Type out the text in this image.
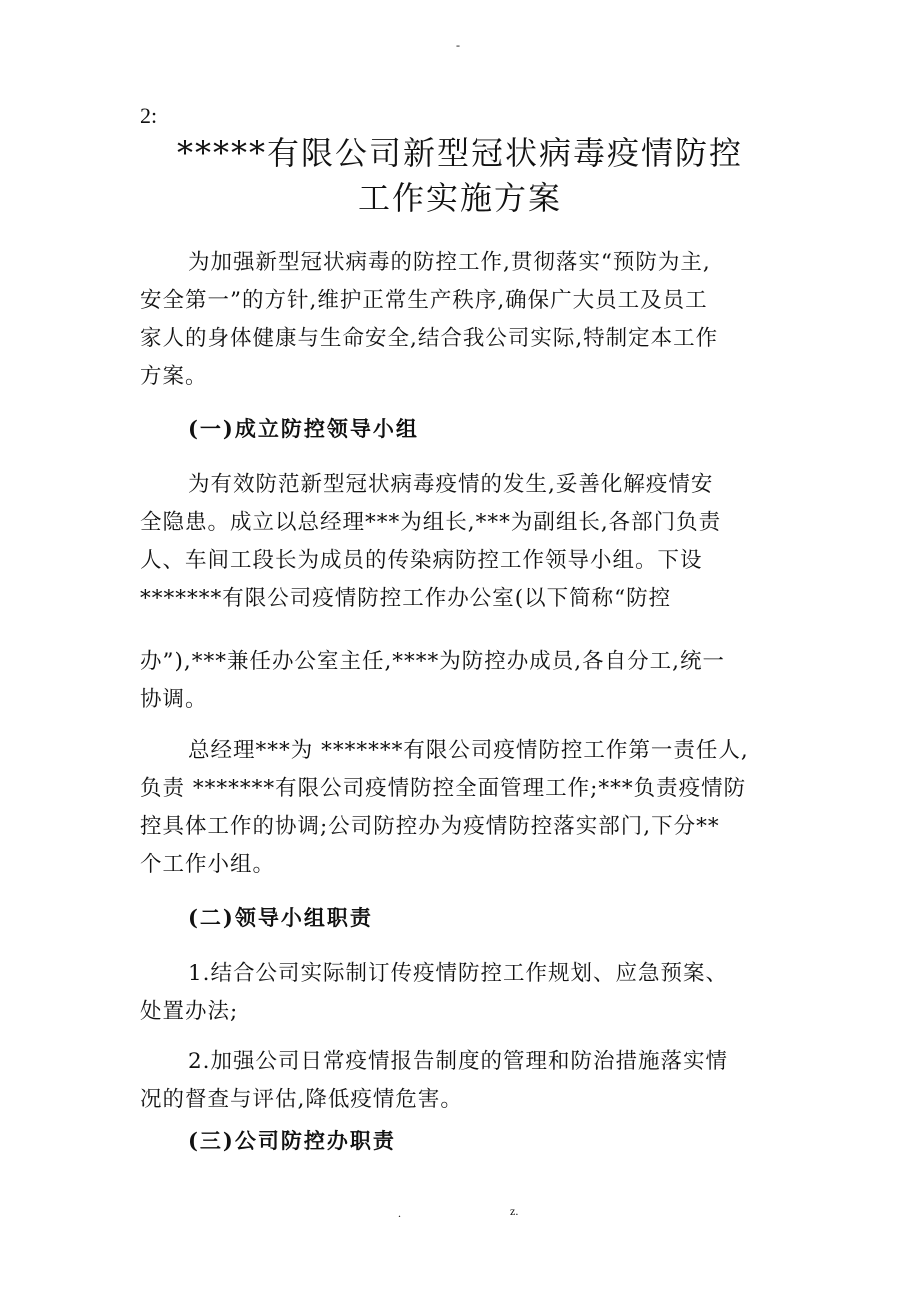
-
2:
*****有限公司新型冠状病毒疫情防控
工作实施方案
为加强新型冠状病毒的防控工作,贯彻落实“预防为主,
安全第一”的方针,维护正常生产秩序,确保广大员工及员工
家人的身体健康与生命安全,结合我公司实际,特制定本工作
方案。
(一)成立防控领导小组
为有效防范新型冠状病毒疫情的发生,妥善化解疫情安
全隐患。成立以总经理***为组长,***为副组长,各部门负责
人、车间工段长为成员的传染病防控工作领导小组。下设
*******有限公司疫情防控工作办公室(以下简称“防控
办”),***兼任办公室主任,****为防控办成员,各自分工,统一
协调。
总经理***为 *******有限公司疫情防控工作第一责任人,
负责 *******有限公司疫情防控全面管理工作;***负责疫情防
控具体工作的协调;公司防控办为疫情防控落实部门,下分**
个工作小组。
(二)领导小组职责
1.结合公司实际制订传疫情防控工作规划、应急预案、
处置办法;
2.加强公司日常疫情报告制度的管理和防治措施落实情
况的督查与评估,降低疫情危害。
(三)公司防控办职责
.	z.
